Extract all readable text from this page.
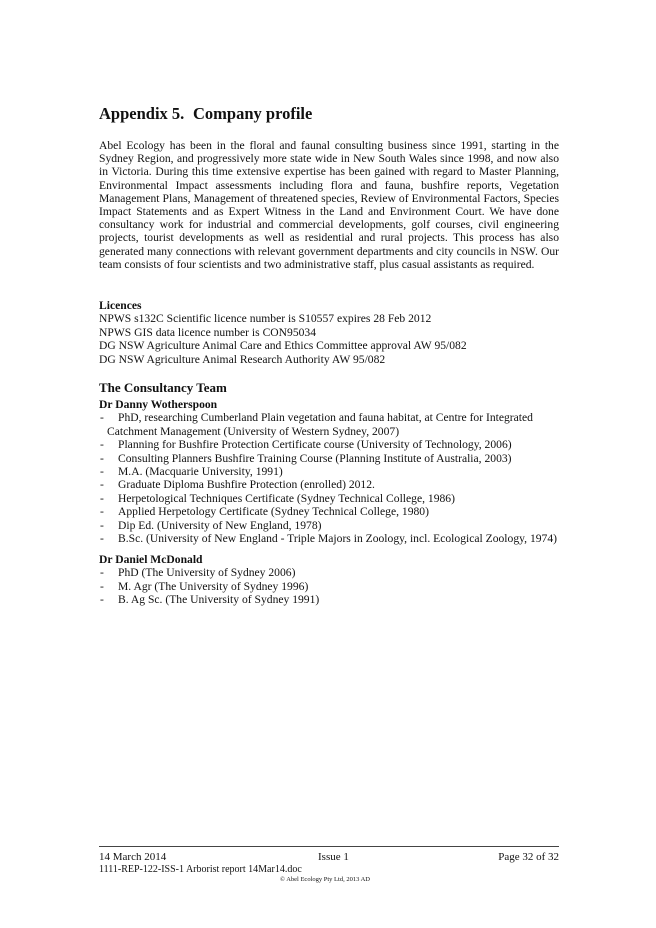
Appendix 5. Company profile
Abel Ecology has been in the floral and faunal consulting business since 1991, starting in the Sydney Region, and progressively more state wide in New South Wales since 1998, and now also in Victoria. During this time extensive expertise has been gained with regard to Master Planning, Environmental Impact assessments including flora and fauna, bushfire reports, Vegetation Management Plans, Management of threatened species, Review of Environmental Factors, Species Impact Statements and as Expert Witness in the Land and Environment Court. We have done consultancy work for industrial and commercial developments, golf courses, civil engineering projects, tourist developments as well as residential and rural projects. This process has also generated many connections with relevant government departments and city councils in NSW. Our team consists of four scientists and two administrative staff, plus casual assistants as required.
Licences
NPWS s132C Scientific licence number is S10557 expires 28 Feb 2012
NPWS GIS data licence number is CON95034
DG NSW Agriculture Animal Care and Ethics Committee approval AW 95/082
DG NSW Agriculture Animal Research Authority AW 95/082
The Consultancy Team
Dr Danny Wotherspoon
- PhD, researching Cumberland Plain vegetation and fauna habitat, at Centre for Integrated
Catchment Management (University of Western Sydney, 2007)
- Planning for Bushfire Protection Certificate course (University of Technology, 2006)
- Consulting Planners Bushfire Training Course (Planning Institute of Australia, 2003)
- M.A. (Macquarie University, 1991)
- Graduate Diploma Bushfire Protection (enrolled) 2012.
- Herpetological Techniques Certificate (Sydney Technical College, 1986)
- Applied Herpetology Certificate (Sydney Technical College, 1980)
- Dip Ed. (University of New England, 1978)
- B.Sc. (University of New England - Triple Majors in Zoology, incl. Ecological Zoology, 1974)
Dr Daniel McDonald
- PhD (The University of Sydney 2006)
- M. Agr (The University of Sydney 1996)
- B. Ag Sc. (The University of Sydney 1991)
14 March 2014	Issue 1	Page 32 of 32
1111-REP-122-ISS-1 Arborist report 14Mar14.doc
© Abel Ecology Pty Ltd, 2013 AD
